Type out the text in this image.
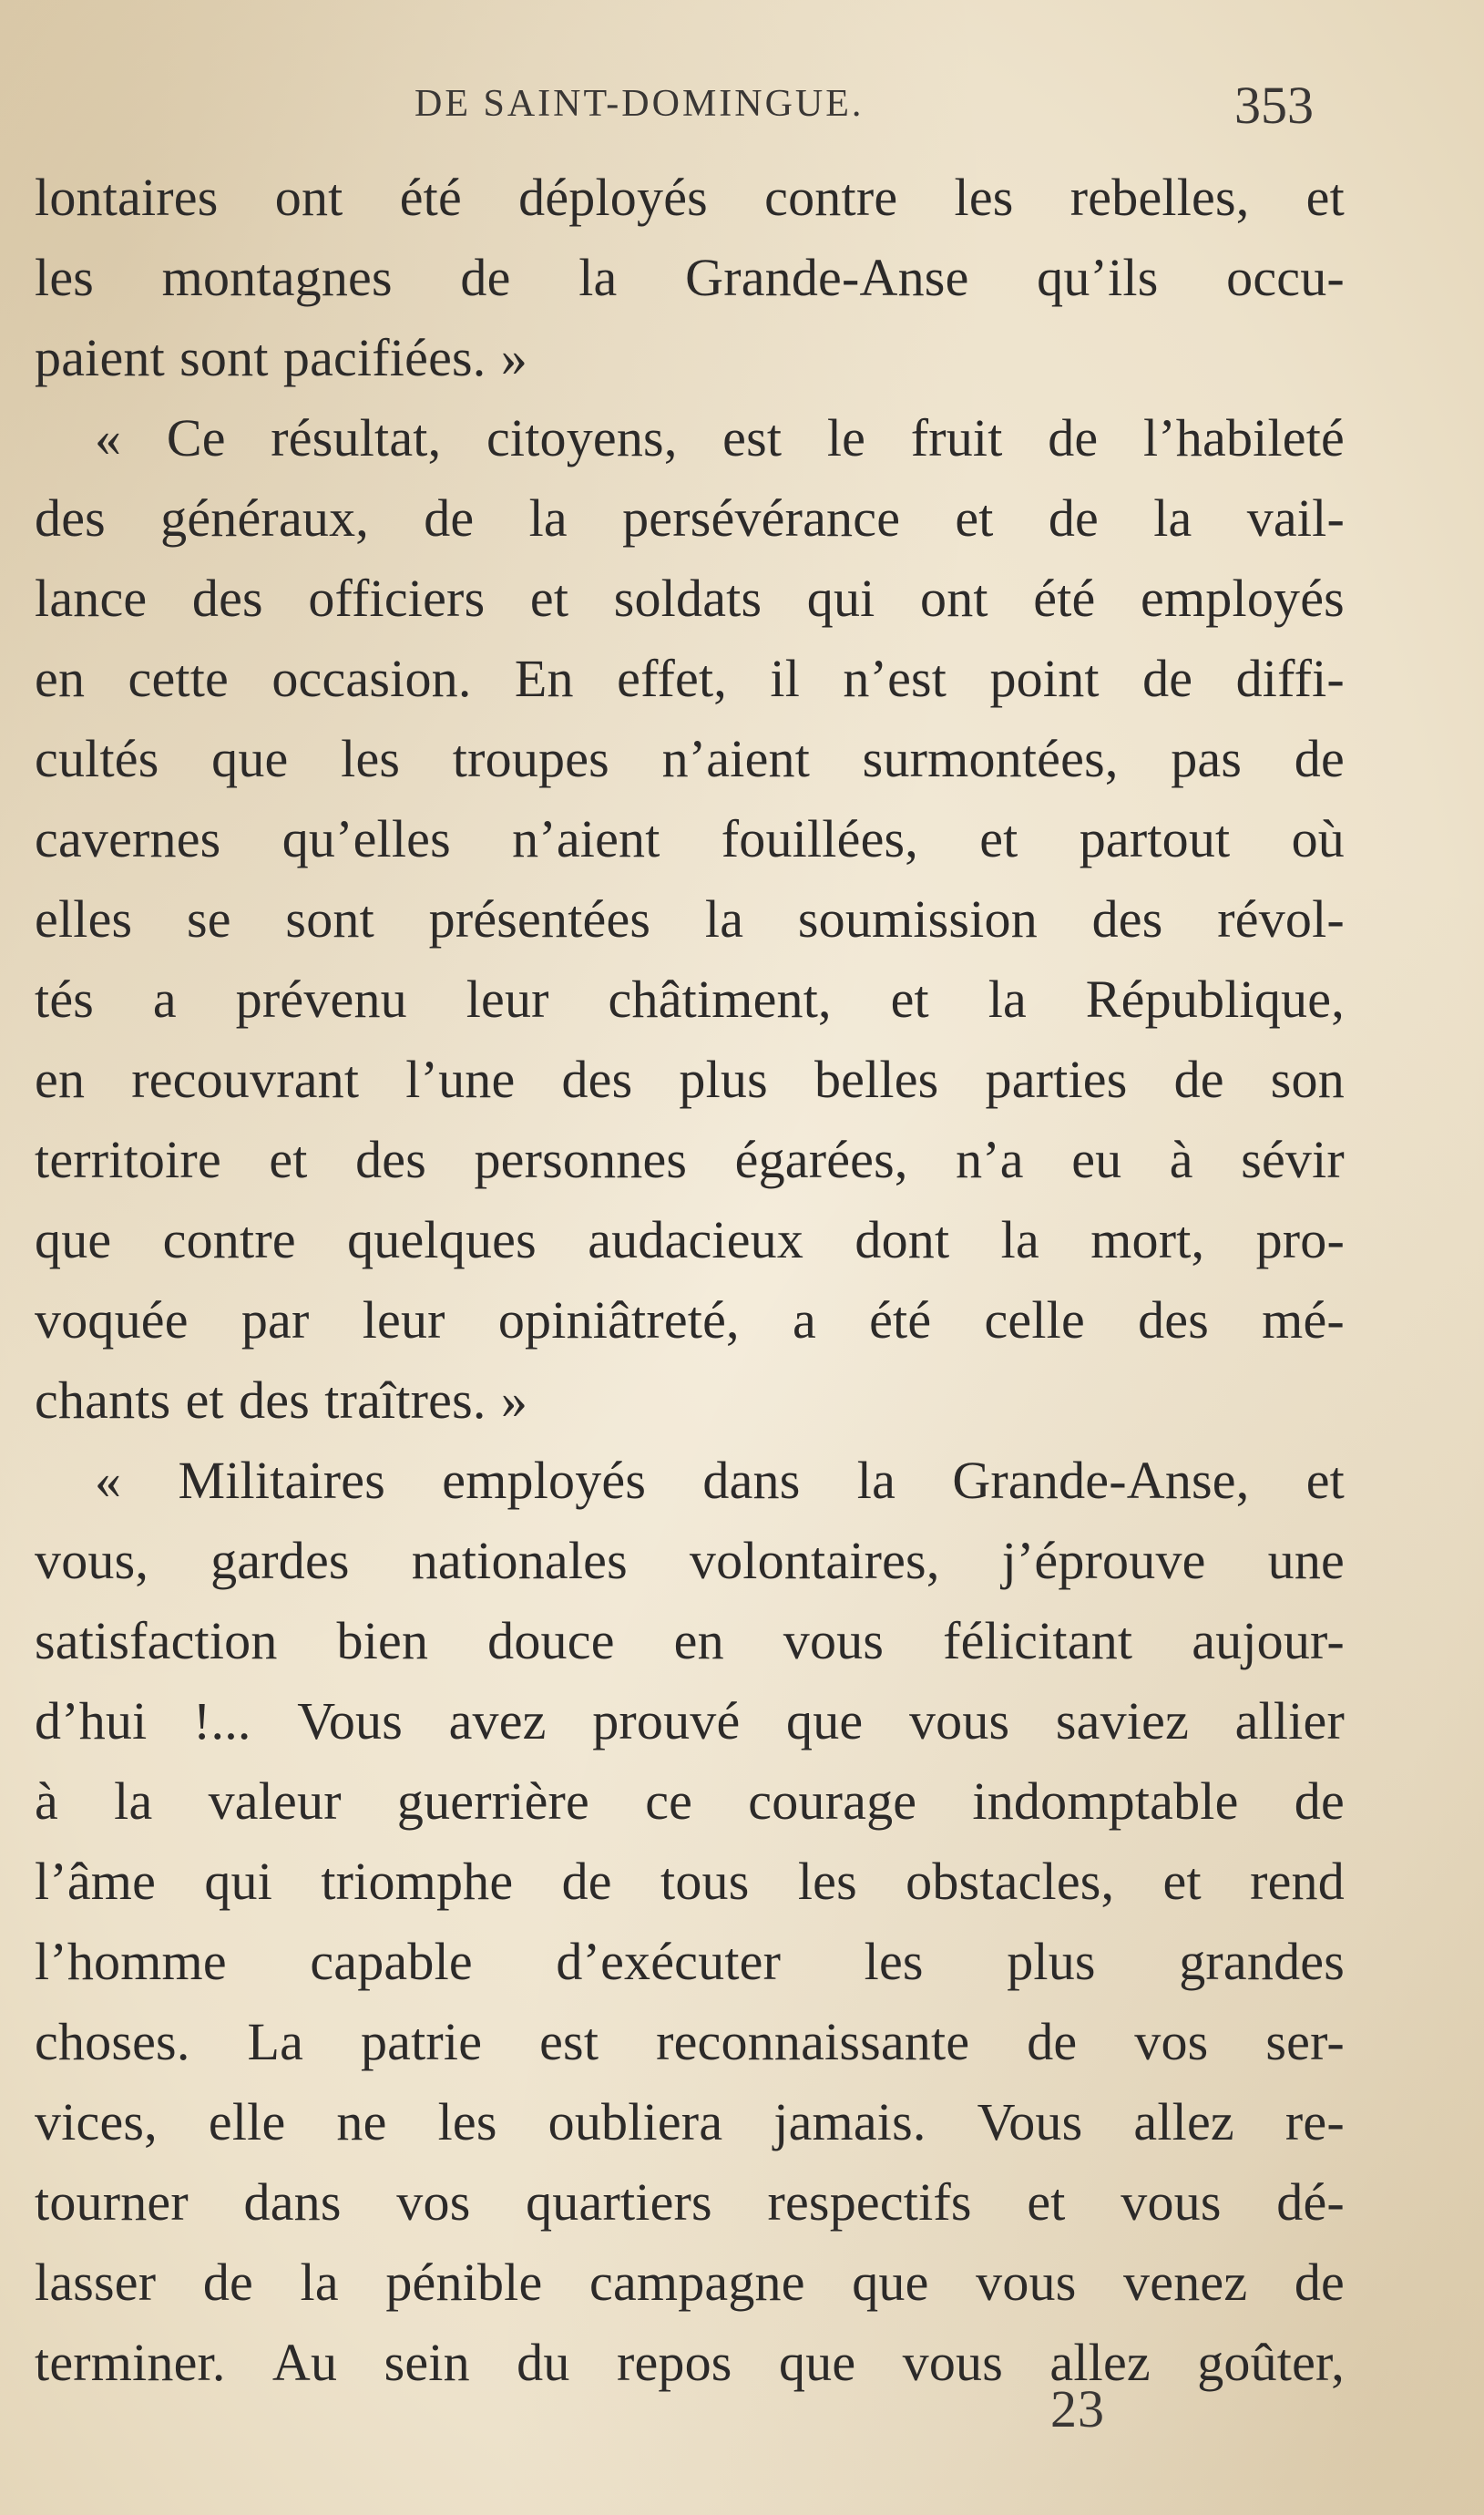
DE SAINT-DOMINGUE.	353
lontaires ont été déployés contre les rebelles, et
les montagnes de la Grande-Anse qu’ils occu-
paient sont pacifiées. »
« Ce résultat, citoyens, est le fruit de l’habileté
des généraux, de la persévérance et de la vail-
lance des officiers et soldats qui ont été employés
en cette occasion. En effet, il n’est point de diffi-
cultés que les troupes n’aient surmontées, pas de
cavernes qu’elles n’aient fouillées, et partout où
elles se sont présentées la soumission des révol-
tés a prévenu leur châtiment, et la République,
en recouvrant l’une des plus belles parties de son
territoire et des personnes égarées, n’a eu à sévir
que contre quelques audacieux dont la mort, pro-
voquée par leur opiniâtreté, a été celle des mé-
chants et des traîtres. »
« Militaires employés dans la Grande-Anse, et
vous, gardes nationales volontaires, j’éprouve une
satisfaction bien douce en vous félicitant aujour-
d’hui !... Vous avez prouvé que vous saviez allier
à la valeur guerrière ce courage indomptable de
l’âme qui triomphe de tous les obstacles, et rend
l’homme capable d’exécuter les plus grandes
choses. La patrie est reconnaissante de vos ser-
vices, elle ne les oubliera jamais. Vous allez re-
tourner dans vos quartiers respectifs et vous dé-
lasser de la pénible campagne que vous venez de
terminer. Au sein du repos que vous allez goûter,
23
